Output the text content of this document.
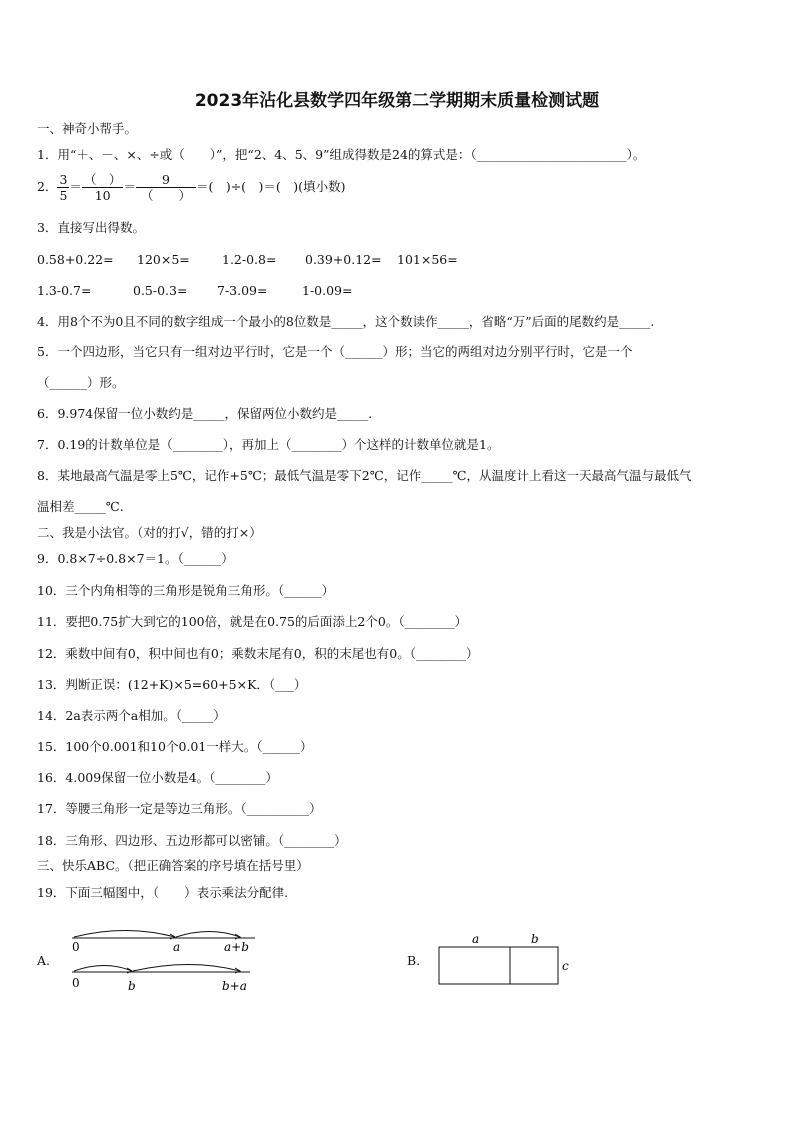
2023年沾化县数学四年级第二学期期末质量检测试题
一、神奇小帮手。
1．用“＋、－、×、÷或（　　）”，把“2、4、5、9”组成得数是24的算式是：（________________________）。
2． $\frac{3}{5} = \frac{( )}{10} = \frac{9}{( )}$ ＝(　)÷(　)＝(　)(填小数)
3．直接写出得数。
0.58+0.22= 120×5=	1.2-0.8= 0.39+0.12= 101×56=
1.3-0.7=	0.5-0.3= 7-3.09=	1-0.09=
4．用8个不为0且不同的数字组成一个最小的8位数是_____，这个数读作_____，省略“万”后面的尾数约是_____.
5．一个四边形，当它只有一组对边平行时，它是一个（______）形；当它的两组对边分别平行时，它是一个
（______）形。
6．9.974保留一位小数约是_____，保留两位小数约是_____.
7．0.19的计数单位是（________），再加上（________）个这样的计数单位就是1。
8．某地最高气温是零上5℃，记作+5℃；最低气温是零下2℃，记作_____℃，从温度计上看这一天最高气温与最低气
温相差_____℃.
二、我是小法官。（对的打√，错的打×）
9．0.8×7÷0.8×7＝1。（______）
10．三个内角相等的三角形是锐角三角形。（______）
11．要把0.75扩大到它的100倍，就是在0.75的后面添上2个0。（________）
12．乘数中间有0，积中间也有0；乘数末尾有0，积的末尾也有0。（________）
13．判断正误：(12+K)×5=60+5×K．（___）
14．2a表示两个a相加。（_____）
15．100个0.001和10个0.01一样大。（______）
16．4.009保留一位小数是4。（________）
17．等腰三角形一定是等边三角形。（__________）
18．三角形、四边形、五边形都可以密铺。（________）
三、快乐ABC。（把正确答案的序号填在括号里）
19．下面三幅图中，（　　）表示乘法分配律.
A.
0	a	a+b
0	b	b+a
B.
a	b
c
